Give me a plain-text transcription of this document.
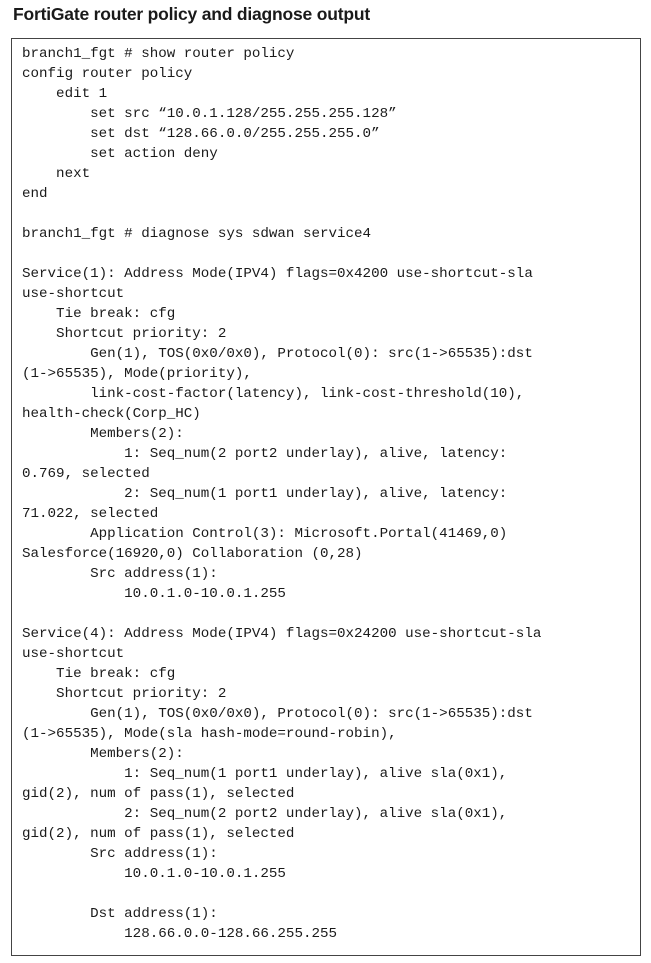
FortiGate router policy and diagnose output
branch1_fgt # show router policy
config router policy
edit 1
set src “10.0.1.128/255.255.255.128”
set dst “128.66.0.0/255.255.255.0”
set action deny
next
end
branch1_fgt # diagnose sys sdwan service4
Service(1): Address Mode(IPV4) flags=0x4200 use-shortcut-sla
use-shortcut
Tie break: cfg
Shortcut priority: 2
Gen(1), TOS(0x0/0x0), Protocol(0): src(1->65535):dst
(1->65535), Mode(priority),
link-cost-factor(latency), link-cost-threshold(10),
health-check(Corp_HC)
Members(2):
1: Seq_num(2 port2 underlay), alive, latency:
0.769, selected
2: Seq_num(1 port1 underlay), alive, latency:
71.022, selected
Application Control(3): Microsoft.Portal(41469,0)
Salesforce(16920,0) Collaboration (0,28)
Src address(1):
10.0.1.0-10.0.1.255
Service(4): Address Mode(IPV4) flags=0x24200 use-shortcut-sla
use-shortcut
Tie break: cfg
Shortcut priority: 2
Gen(1), TOS(0x0/0x0), Protocol(0): src(1->65535):dst
(1->65535), Mode(sla hash-mode=round-robin),
Members(2):
1: Seq_num(1 port1 underlay), alive sla(0x1),
gid(2), num of pass(1), selected
2: Seq_num(2 port2 underlay), alive sla(0x1),
gid(2), num of pass(1), selected
Src address(1):
10.0.1.0-10.0.1.255
Dst address(1):
128.66.0.0-128.66.255.255
